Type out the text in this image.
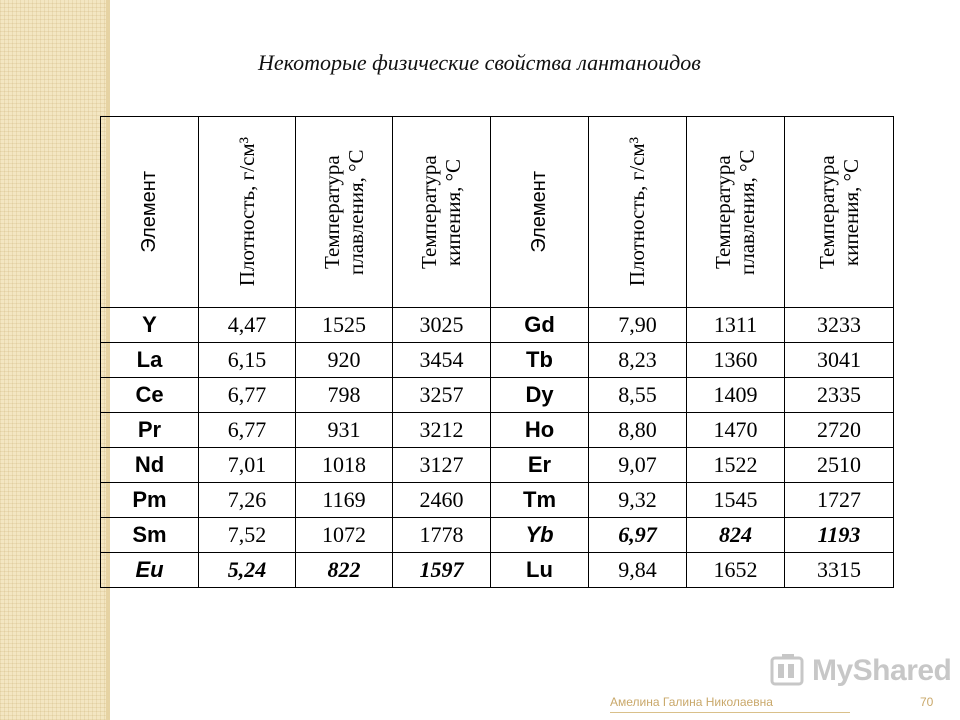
Некоторые физические свойства лантаноидов
Элемент	Плотность, г/см³	Температура плавления, °С	Температура кипения, °С	Элемент	Плотность, г/см³	Температура плавления, °С	Температура кипения, °С

Y	4,47	1525	3025	Gd	7,90	1311	3233
La	6,15	920	3454	Tb	8,23	1360	3041
Ce	6,77	798	3257	Dy	8,55	1409	2335
Pr	6,77	931	3212	Ho	8,80	1470	2720
Nd	7,01	1018	3127	Er	9,07	1522	2510
Pm	7,26	1169	2460	Tm	9,32	1545	1727
Sm	7,52	1072	1778	Yb	6,97	824	1193
Eu	5,24	822	1597	Lu	9,84	1652	3315
MyShared
Амелина Галина Николаевна	70
